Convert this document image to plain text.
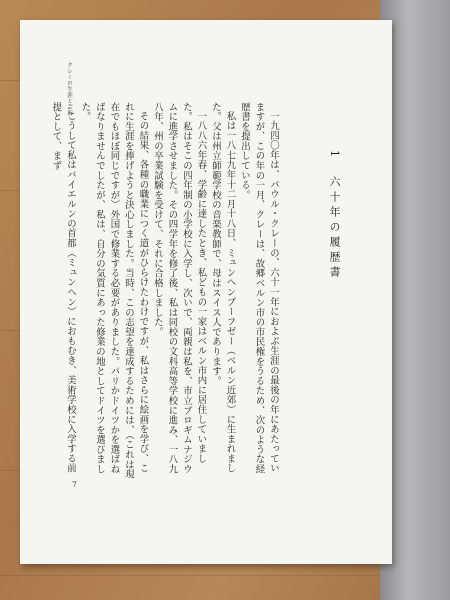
クレーの生涯と芸術

一九四〇年は、パウル・クレーの、六十一年におよぶ生涯の最後の年にあたっていますが、この年の一月、クレーは、故郷ベルン市の市民権をうるため、次のような経歴書を提出している。

私は一八七九年十二月十八日、ミュンヘンブーフゼー（ベルン近郊）に生まれました。父は州立師範学校の音楽教師で、母はスイス人であります。

一八八六年春、学齢に達したとき、私どもの一家はベルン市内に居住していました。私はそこの四年制の小学校に入学し、次いで、両親は私を、市立プロギムナジウムに進学させました。その四学年を修了後、私は同校の文科高等学校に進み、一八九八年、州の卒業試験を受けて、それに合格しました。

その結果、各種の職業につく道がひらけたわけですが、私はさらに絵画を学び、これに生涯を捧げようと決心しました。当時、この志望を達成するためには、（これは現在でもほぼ同じですが）外国で修業する必要がありました。パリかドイツかを選ばねばなりませんでしたが、私は、自分の気質にあった修業の地としてドイツを選びました。

こうして私はバイエルンの首都（ミュンヘン）におもむき、美術学校に入学する前提として、まず

1　六十年の履歴書
7
